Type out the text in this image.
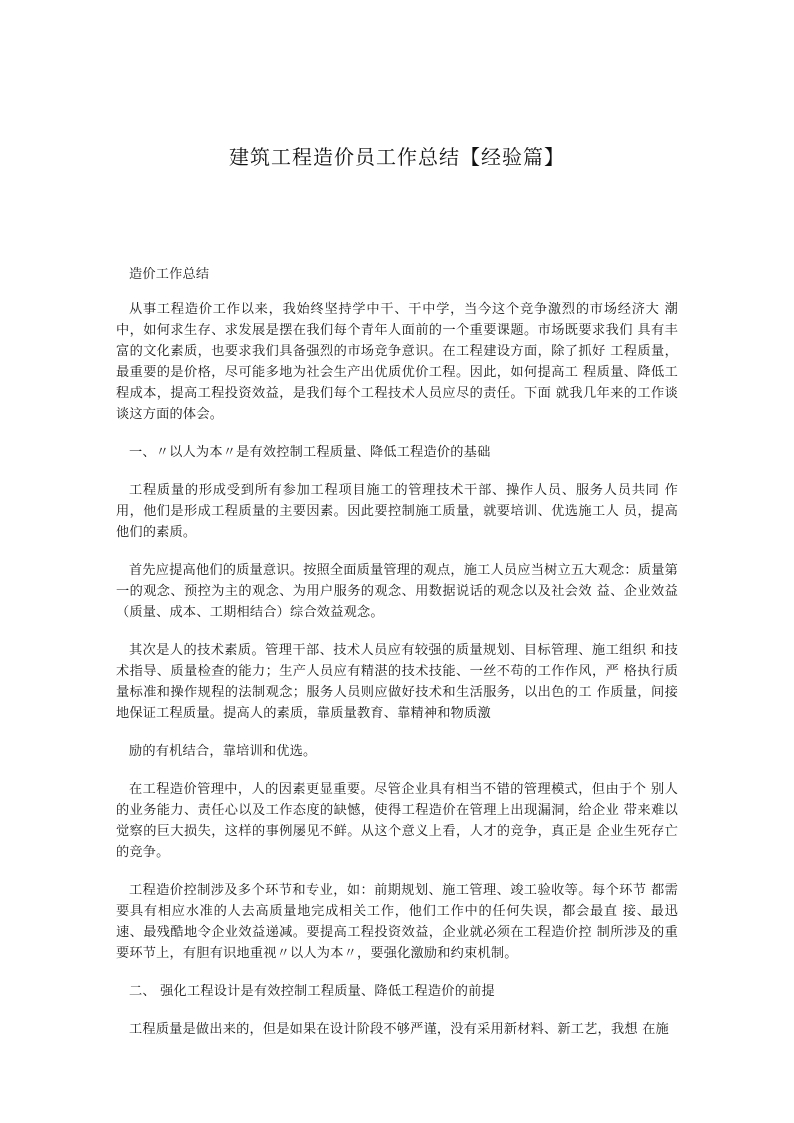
建筑工程造价员工作总结【经验篇】

造价工作总结

从事工程造价工作以来，我始终坚持学中干、干中学，当今这个竞争激烈的市场经济大 潮中，如何求生存、求发展是摆在我们每个青年人面前的一个重要课题。市场既要求我们 具有丰富的文化素质，也要求我们具备强烈的市场竞争意识。在工程建设方面，除了抓好 工程质量，最重要的是价格，尽可能多地为社会生产出优质优价工程。因此，如何提高工 程质量、降低工程成本，提高工程投资效益，是我们每个工程技术人员应尽的责任。下面 就我几年来的工作谈谈这方面的体会。

一、〃以人为本〃是有效控制工程质量、降低工程造价的基础

工程质量的形成受到所有参加工程项目施工的管理技术干部、操作人员、服务人员共同 作用，他们是形成工程质量的主要因素。因此要控制施工质量，就要培训、优选施工人 员，提高他们的素质。

首先应提高他们的质量意识。按照全面质量管理的观点，施工人员应当树立五大观念：质量第一的观念、预控为主的观念、为用户服务的观念、用数据说话的观念以及社会效 益、企业效益（质量、成本、工期相结合）综合效益观念。

其次是人的技术素质。管理干部、技术人员应有较强的质量规划、目标管理、施工组织 和技术指导、质量检查的能力；生产人员应有精湛的技术技能、一丝不苟的工作作风，严 格执行质量标准和操作规程的法制观念；服务人员则应做好技术和生活服务，以出色的工 作质量，间接地保证工程质量。提高人的素质，靠质量教育、靠精神和物质激

励的有机结合，靠培训和优选。

在工程造价管理中，人的因素更显重要。尽管企业具有相当不错的管理模式，但由于个 别人的业务能力、责任心以及工作态度的缺憾，使得工程造价在管理上出现漏洞，给企业 带来难以觉察的巨大损失，这样的事例屡见不鲜。从这个意义上看，人才的竞争，真正是 企业生死存亡的竞争。

工程造价控制涉及多个环节和专业，如：前期规划、施工管理、竣工验收等。每个环节 都需要具有相应水准的人去高质量地完成相关工作，他们工作中的任何失误，都会最直 接、最迅速、最残酷地令企业效益递减。要提高工程投资效益，企业就必须在工程造价控 制所涉及的重要环节上，有胆有识地重视〃以人为本〃，要强化激励和约束机制。

二、 强化工程设计是有效控制工程质量、降低工程造价的前提

工程质量是做出来的，但是如果在设计阶段不够严谨，没有采用新材料、新工艺，我想 在施
